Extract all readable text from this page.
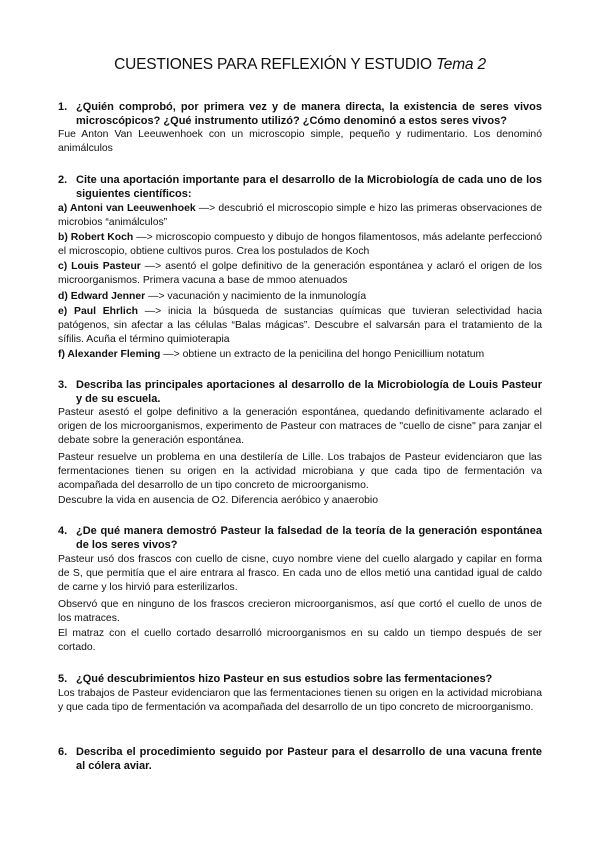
CUESTIONES PARA REFLEXIÓN Y ESTUDIO Tema 2
1. ¿Quién comprobó, por primera vez y de manera directa, la existencia de seres vivos microscópicos? ¿Qué instrumento utilizó? ¿Cómo denominó a estos seres vivos?

Fue Anton Van Leeuwenhoek con un microscopio simple, pequeño y rudimentario. Los denominó animálculos

2. Cite una aportación importante para el desarrollo de la Microbiología de cada uno de los siguientes científicos:

a) Antoni van Leeuwenhoek —> descubrió el microscopio simple e hizo las primeras observaciones de microbios “animálculos”

b) Robert Koch —> microscopio compuesto y dibujo de hongos filamentosos, más adelante perfeccionó el microscopio, obtiene cultivos puros. Crea los postulados de Koch

c) Louis Pasteur —> asentó el golpe definitivo de la generación espontánea y aclaró el origen de los microorganismos. Primera vacuna a base de mmoo atenuados

d) Edward Jenner —> vacunación y nacimiento de la inmunología

e) Paul Ehrlich —> inicia la búsqueda de sustancias químicas que tuvieran selectividad hacia patógenos, sin afectar a las células “Balas mágicas”. Descubre el salvarsán para el tratamiento de la sífilis. Acuña el término quimioterapia

f) Alexander Fleming —> obtiene un extracto de la penicilina del hongo Penicillium notatum

3. Describa las principales aportaciones al desarrollo de la Microbiología de Louis Pasteur y de su escuela.

Pasteur asestó el golpe definitivo a la generación espontánea, quedando definitivamente aclarado el origen de los microorganismos, experimento de Pasteur con matraces de "cuello de cisne" para zanjar el debate sobre la generación espontánea.

Pasteur resuelve un problema en una destilería de Lille. Los trabajos de Pasteur evidenciaron que las fermentaciones tienen su origen en la actividad microbiana y que cada tipo de fermentación va acompañada del desarrollo de un tipo concreto de microorganismo.

Descubre la vida en ausencia de O2. Diferencia aeróbico y anaerobio

4. ¿De qué manera demostró Pasteur la falsedad de la teoría de la generación espontánea de los seres vivos?

Pasteur usó dos frascos con cuello de cisne, cuyo nombre viene del cuello alargado y capilar en forma de S, que permitía que el aire entrara al frasco. En cada uno de ellos metió una cantidad igual de caldo de carne y los hirvió para esterilizarlos.

Observó que en ninguno de los frascos crecieron microorganismos, así que cortó el cuello de unos de los matraces.

El matraz con el cuello cortado desarrolló microorganismos en su caldo un tiempo después de ser cortado.

5. ¿Qué descubrimientos hizo Pasteur en sus estudios sobre las fermentaciones?

Los trabajos de Pasteur evidenciaron que las fermentaciones tienen su origen en la actividad microbiana y que cada tipo de fermentación va acompañada del desarrollo de un tipo concreto de microorganismo.

6. Describa el procedimiento seguido por Pasteur para el desarrollo de una vacuna frente al cólera aviar.
